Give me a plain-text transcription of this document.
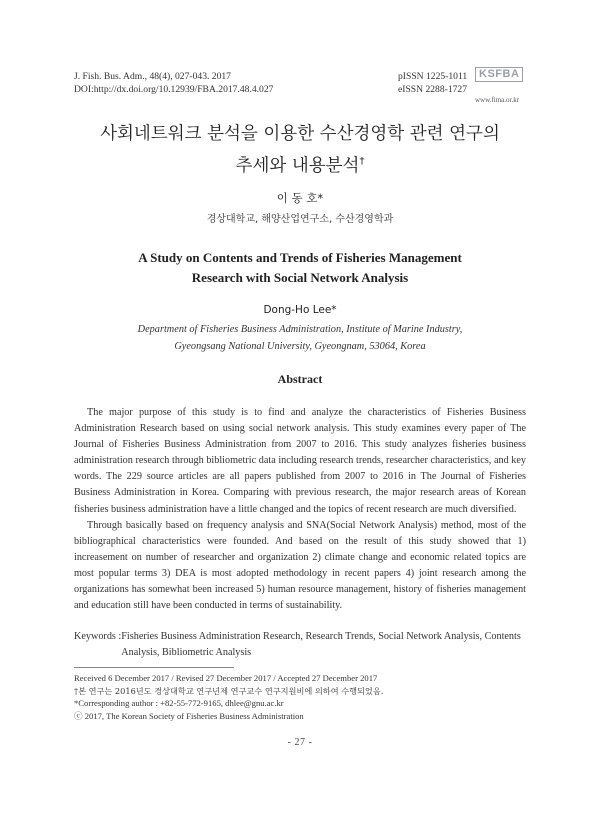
J. Fish. Bus. Adm., 48(4), 027-043. 2017
DOI:http://dx.doi.org/10.12939/FBA.2017.48.4.027
pISSN 1225-1011
eISSN 2288-1727
KSFBA
www.fima.or.kr
사회네트워크 분석을 이용한 수산경영학 관련 연구의
추세와 내용분석†
이 동 호*
경상대학교, 해양산업연구소, 수산경영학과
A Study on Contents and Trends of Fisheries Management
Research with Social Network Analysis
Dong-Ho Lee*
Department of Fisheries Business Administration, Institute of Marine Industry,
Gyeongsang National University, Gyeongnam, 53064, Korea
Abstract

The major purpose of this study is to find and analyze the characteristics of Fisheries Business Administration Research based on using social network analysis. This study examines every paper of The Journal of Fisheries Business Administration from 2007 to 2016. This study analyzes fisheries business administration research through bibliometric data including research trends, researcher characteristics, and key words. The 229 source articles are all papers published from 2007 to 2016 in The Journal of Fisheries Business Administration in Korea. Comparing with previous research, the major research areas of Korean fisheries business administration have a little changed and the topics of recent research are much diversified.

Through basically based on frequency analysis and SNA(Social Network Analysis) method, most of the bibliographical characteristics were founded. And based on the result of this study showed that 1) increasement on number of researcher and organization 2) climate change and economic related topics are most popular terms 3) DEA is most adopted methodology in recent papers 4) joint research among the organizations has somewhat been increased 5) human resource management, history of fisheries management and education still have been conducted in terms of sustainability.

Keywords : Fisheries Business Administration Research, Research Trends, Social Network Analysis, Contents Analysis, Bibliometric Analysis
Received 6 December 2017 / Revised 27 December 2017 / Accepted 27 December 2017
†본 연구는 2016년도 경상대학교 연구년제 연구교수 연구지원비에 의하여 수행되었음.
*Corresponding author : +82-55-772-9165, dhlee@gnu.ac.kr
ⓒ 2017, The Korean Society of Fisheries Business Administration
- 27 -
